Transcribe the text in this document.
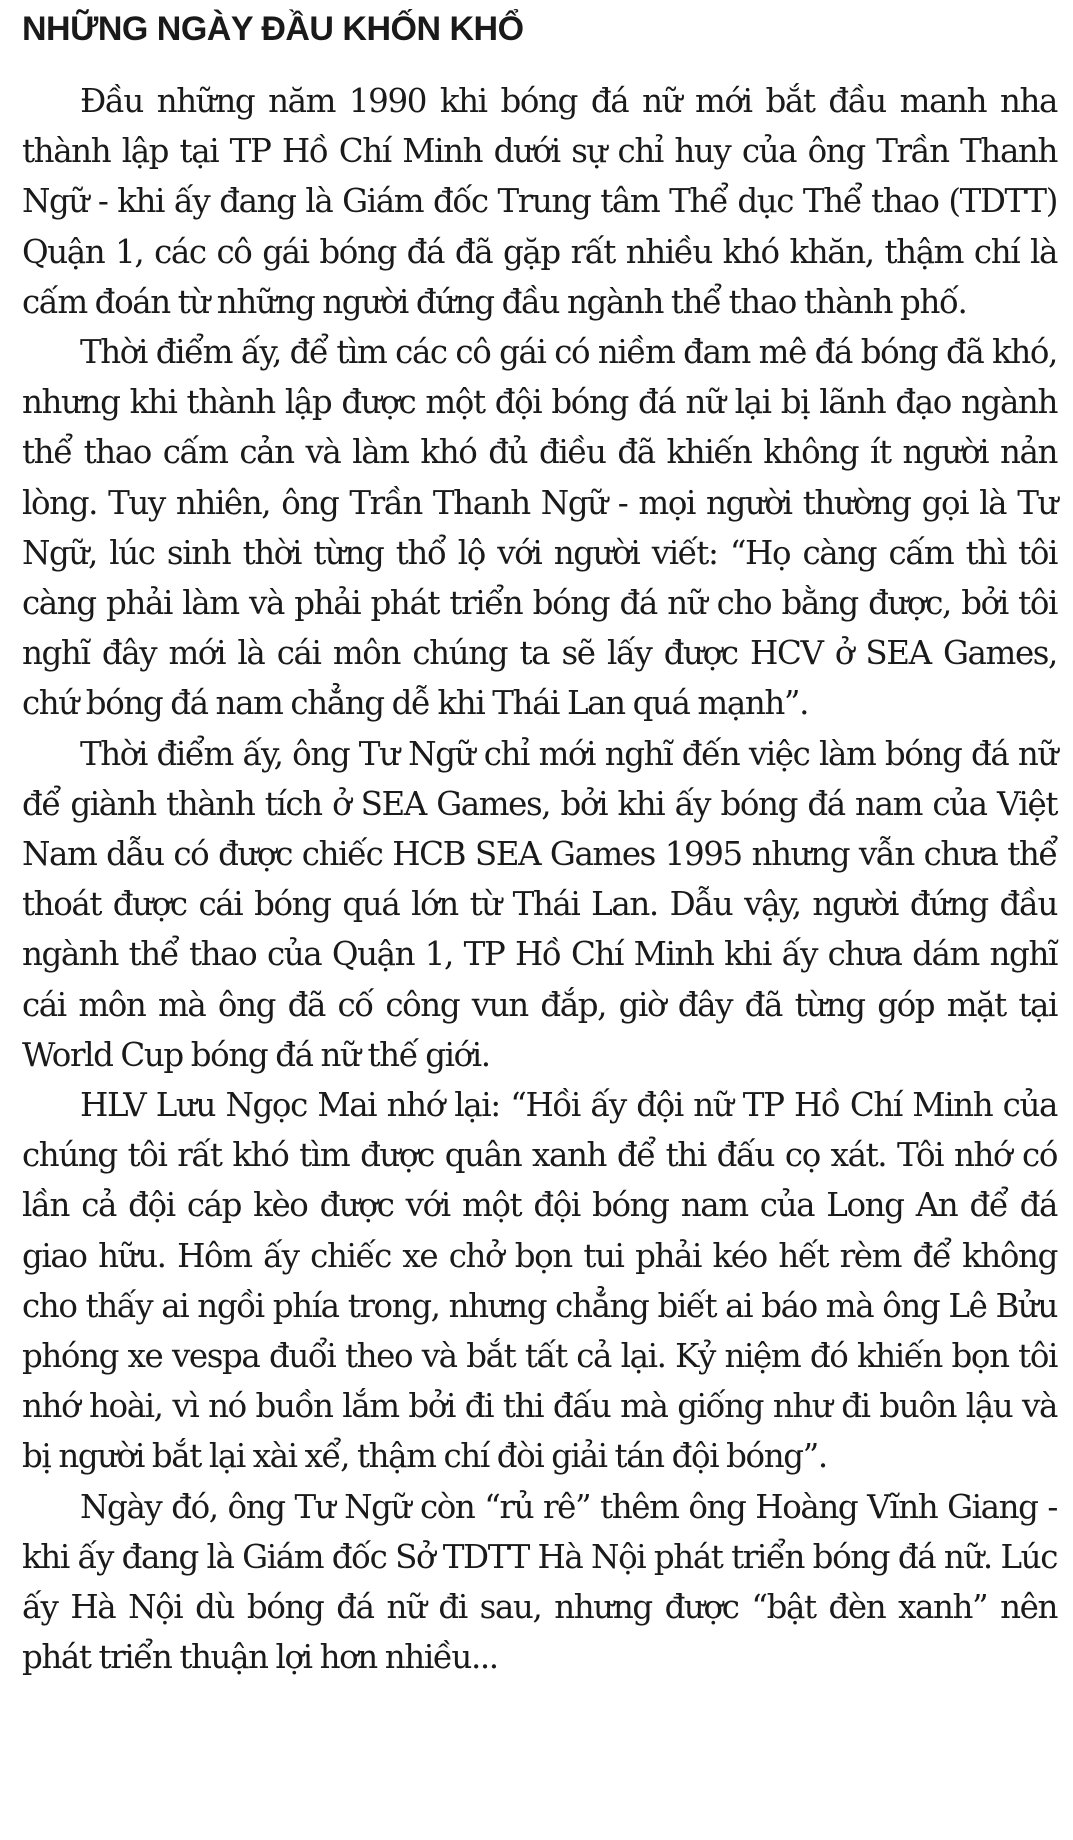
NHỮNG NGÀY ĐẦU KHỐN KHỔ

Đầu những năm 1990 khi bóng đá nữ mới bắt đầu manh nha thành lập tại TP Hồ Chí Minh dưới sự chỉ huy của ông Trần Thanh Ngữ - khi ấy đang là Giám đốc Trung tâm Thể dục Thể thao (TDTT) Quận 1, các cô gái bóng đá đã gặp rất nhiều khó khăn, thậm chí là cấm đoán từ những người đứng đầu ngành thể thao thành phố.

Thời điểm ấy, để tìm các cô gái có niềm đam mê đá bóng đã khó, nhưng khi thành lập được một đội bóng đá nữ lại bị lãnh đạo ngành thể thao cấm cản và làm khó đủ điều đã khiến không ít người nản lòng. Tuy nhiên, ông Trần Thanh Ngữ - mọi người thường gọi là Tư Ngữ, lúc sinh thời từng thổ lộ với người viết: “Họ càng cấm thì tôi càng phải làm và phải phát triển bóng đá nữ cho bằng được, bởi tôi nghĩ đây mới là cái môn chúng ta sẽ lấy được HCV ở SEA Games, chứ bóng đá nam chẳng dễ khi Thái Lan quá mạnh”.

Thời điểm ấy, ông Tư Ngữ chỉ mới nghĩ đến việc làm bóng đá nữ để giành thành tích ở SEA Games, bởi khi ấy bóng đá nam của Việt Nam dẫu có được chiếc HCB SEA Games 1995 nhưng vẫn chưa thể thoát được cái bóng quá lớn từ Thái Lan. Dẫu vậy, người đứng đầu ngành thể thao của Quận 1, TP Hồ Chí Minh khi ấy chưa dám nghĩ cái môn mà ông đã cố công vun đắp, giờ đây đã từng góp mặt tại World Cup bóng đá nữ thế giới.

HLV Lưu Ngọc Mai nhớ lại: “Hồi ấy đội nữ TP Hồ Chí Minh của chúng tôi rất khó tìm được quân xanh để thi đấu cọ xát. Tôi nhớ có lần cả đội cáp kèo được với một đội bóng nam của Long An để đá giao hữu. Hôm ấy chiếc xe chở bọn tui phải kéo hết rèm để không cho thấy ai ngồi phía trong, nhưng chẳng biết ai báo mà ông Lê Bửu phóng xe vespa đuổi theo và bắt tất cả lại. Kỷ niệm đó khiến bọn tôi nhớ hoài, vì nó buồn lắm bởi đi thi đấu mà giống như đi buôn lậu và bị người bắt lại xài xể, thậm chí đòi giải tán đội bóng”.

Ngày đó, ông Tư Ngữ còn “rủ rê” thêm ông Hoàng Vĩnh Giang - khi ấy đang là Giám đốc Sở TDTT Hà Nội phát triển bóng đá nữ. Lúc ấy Hà Nội dù bóng đá nữ đi sau, nhưng được “bật đèn xanh” nên phát triển thuận lợi hơn nhiều...
